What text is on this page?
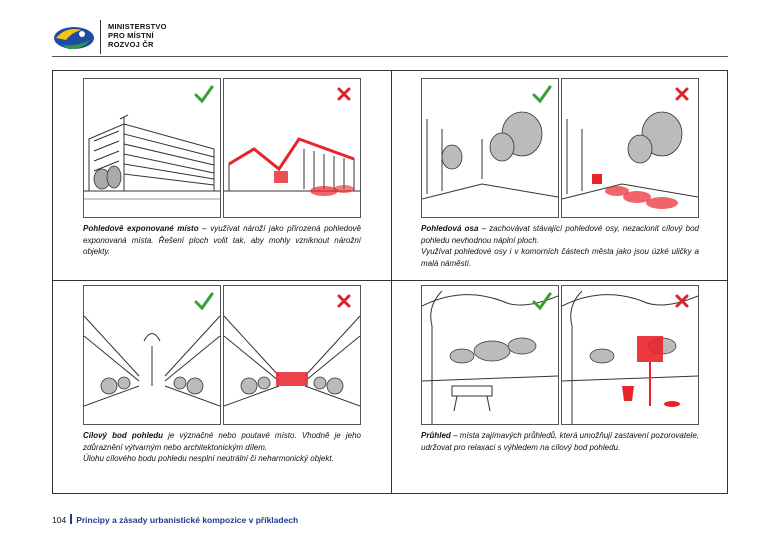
MINISTERSTVO
PRO MÍSTNÍ
ROZVOJ ČR

Pohledově exponované místo – využívat nároží jako přirozená pohledově exponovaná místa. Řešení ploch volit tak, aby mohly vzniknout nárožní objekty.

Pohledová osa – zachovávat stávající pohledové osy, nezaclonit cílový bod pohledu nevhodnou náplní ploch.

Využívat pohledové osy i v komorních částech města jako jsou úzké uličky a malá náměstí.

Cílový bod pohledu je význačné nebo poutavé místo. Vhodně je jeho zdůraznění výtvarným nebo architektonickým dílem.

Úlohu cílového bodu pohledu nesplní neutrální či neharmonický objekt.

Průhled – místa zajímavých průhledů, která umožňují zastavení pozorovatele, udržovat pro relaxaci s výhledem na cílový bod pohledu.

104 Principy a zásady urbanistické kompozice v příkladech
